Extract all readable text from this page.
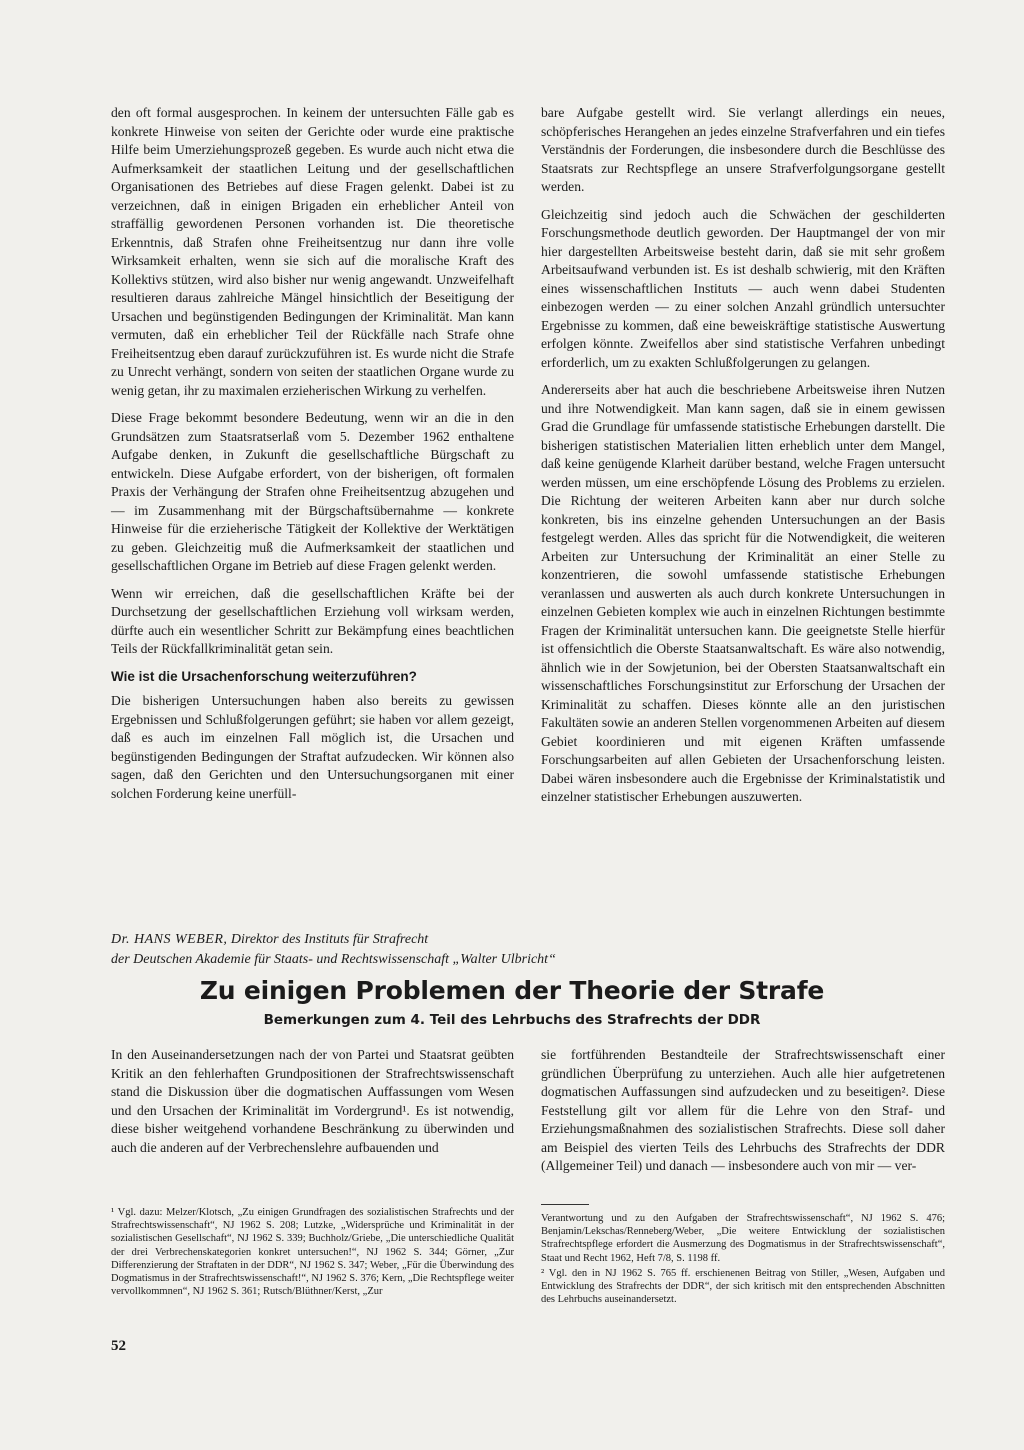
den oft formal ausgesprochen. In keinem der untersuchten Fälle gab es konkrete Hinweise von seiten der Gerichte oder wurde eine praktische Hilfe beim Umerziehungsprozeß gegeben. Es wurde auch nicht etwa die Aufmerksamkeit der staatlichen Leitung und der gesellschaftlichen Organisationen des Betriebes auf diese Fragen gelenkt. Dabei ist zu verzeichnen, daß in einigen Brigaden ein erheblicher Anteil von straffällig gewordenen Personen vorhanden ist. Die theoretische Erkenntnis, daß Strafen ohne Freiheitsentzug nur dann ihre volle Wirksamkeit erhalten, wenn sie sich auf die moralische Kraft des Kollektivs stützen, wird also bisher nur wenig angewandt. Unzweifelhaft resultieren daraus zahlreiche Mängel hinsichtlich der Beseitigung der Ursachen und begünstigenden Bedingungen der Kriminalität. Man kann vermuten, daß ein erheblicher Teil der Rückfälle nach Strafe ohne Freiheitsentzug eben darauf zurückzuführen ist. Es wurde nicht die Strafe zu Unrecht verhängt, sondern von seiten der staatlichen Organe wurde zu wenig getan, ihr zu maximalen erzieherischen Wirkung zu verhelfen.

Diese Frage bekommt besondere Bedeutung, wenn wir an die in den Grundsätzen zum Staatsratserlaß vom 5. Dezember 1962 enthaltene Aufgabe denken, in Zukunft die gesellschaftliche Bürgschaft zu entwickeln. Diese Aufgabe erfordert, von der bisherigen, oft formalen Praxis der Verhängung der Strafen ohne Freiheitsentzug abzugehen und — im Zusammenhang mit der Bürgschaftsübernahme — konkrete Hinweise für die erzieherische Tätigkeit der Kollektive der Werktätigen zu geben. Gleichzeitig muß die Aufmerksamkeit der staatlichen und gesellschaftlichen Organe im Betrieb auf diese Fragen gelenkt werden.

Wenn wir erreichen, daß die gesellschaftlichen Kräfte bei der Durchsetzung der gesellschaftlichen Erziehung voll wirksam werden, dürfte auch ein wesentlicher Schritt zur Bekämpfung eines beachtlichen Teils der Rückfallkriminalität getan sein.

Wie ist die Ursachenforschung weiterzuführen?

Die bisherigen Untersuchungen haben also bereits zu gewissen Ergebnissen und Schlußfolgerungen geführt; sie haben vor allem gezeigt, daß es auch im einzelnen Fall möglich ist, die Ursachen und begünstigenden Bedingungen der Straftat aufzudecken. Wir können also sagen, daß den Gerichten und den Untersuchungsorganen mit einer solchen Forderung keine unerfüll-

bare Aufgabe gestellt wird. Sie verlangt allerdings ein neues, schöpferisches Herangehen an jedes einzelne Strafverfahren und ein tiefes Verständnis der Forderungen, die insbesondere durch die Beschlüsse des Staatsrats zur Rechtspflege an unsere Strafverfolgungsorgane gestellt werden.

Gleichzeitig sind jedoch auch die Schwächen der geschilderten Forschungsmethode deutlich geworden. Der Hauptmangel der von mir hier dargestellten Arbeitsweise besteht darin, daß sie mit sehr großem Arbeitsaufwand verbunden ist. Es ist deshalb schwierig, mit den Kräften eines wissenschaftlichen Instituts — auch wenn dabei Studenten einbezogen werden — zu einer solchen Anzahl gründlich untersuchter Ergebnisse zu kommen, daß eine beweiskräftige statistische Auswertung erfolgen könnte. Zweifellos aber sind statistische Verfahren unbedingt erforderlich, um zu exakten Schlußfolgerungen zu gelangen.

Andererseits aber hat auch die beschriebene Arbeitsweise ihren Nutzen und ihre Notwendigkeit. Man kann sagen, daß sie in einem gewissen Grad die Grundlage für umfassende statistische Erhebungen darstellt. Die bisherigen statistischen Materialien litten erheblich unter dem Mangel, daß keine genügende Klarheit darüber bestand, welche Fragen untersucht werden müssen, um eine erschöpfende Lösung des Problems zu erzielen. Die Richtung der weiteren Arbeiten kann aber nur durch solche konkreten, bis ins einzelne gehenden Untersuchungen an der Basis festgelegt werden. Alles das spricht für die Notwendigkeit, die weiteren Arbeiten zur Untersuchung der Kriminalität an einer Stelle zu konzentrieren, die sowohl umfassende statistische Erhebungen veranlassen und auswerten als auch durch konkrete Untersuchungen in einzelnen Gebieten komplex wie auch in einzelnen Richtungen bestimmte Fragen der Kriminalität untersuchen kann. Die geeignetste Stelle hierfür ist offensichtlich die Oberste Staatsanwaltschaft. Es wäre also notwendig, ähnlich wie in der Sowjetunion, bei der Obersten Staatsanwaltschaft ein wissenschaftliches Forschungsinstitut zur Erforschung der Ursachen der Kriminalität zu schaffen. Dieses könnte alle an den juristischen Fakultäten sowie an anderen Stellen vorgenommenen Arbeiten auf diesem Gebiet koordinieren und mit eigenen Kräften umfassende Forschungsarbeiten auf allen Gebieten der Ursachenforschung leisten. Dabei wären insbesondere auch die Ergebnisse der Kriminalstatistik und einzelner statistischer Erhebungen auszuwerten.

Dr. HANS WEBER, Direktor des Instituts für Strafrecht
der Deutschen Akademie für Staats- und Rechtswissenschaft „Walter Ulbricht“
Zu einigen Problemen der Theorie der Strafe
Bemerkungen zum 4. Teil des Lehrbuchs des Strafrechts der DDR

In den Auseinandersetzungen nach der von Partei und Staatsrat geübten Kritik an den fehlerhaften Grundpositionen der Strafrechtswissenschaft stand die Diskussion über die dogmatischen Auffassungen vom Wesen und den Ursachen der Kriminalität im Vordergrund¹. Es ist notwendig, diese bisher weitgehend vorhandene Beschränkung zu überwinden und auch die anderen auf der Verbrechenslehre aufbauenden und

sie fortführenden Bestandteile der Strafrechtswissenschaft einer gründlichen Überprüfung zu unterziehen. Auch alle hier aufgetretenen dogmatischen Auffassungen sind aufzudecken und zu beseitigen². Diese Feststellung gilt vor allem für die Lehre von den Straf- und Erziehungsmaßnahmen des sozialistischen Strafrechts. Diese soll daher am Beispiel des vierten Teils des Lehrbuchs des Strafrechts der DDR (Allgemeiner Teil) und danach — insbesondere auch von mir — ver-

¹ Vgl. dazu: Melzer/Klotsch, „Zu einigen Grundfragen des sozialistischen Strafrechts und der Strafrechtswissenschaft“, NJ 1962 S. 208; Lutzke, „Widersprüche und Kriminalität in der sozialistischen Gesellschaft“, NJ 1962 S. 339; Buchholz/Griebe, „Die unterschiedliche Qualität der drei Verbrechenskategorien konkret untersuchen!“, NJ 1962 S. 344; Görner, „Zur Differenzierung der Straftaten in der DDR“, NJ 1962 S. 347; Weber, „Für die Überwindung des Dogmatismus in der Strafrechtswissenschaft!“, NJ 1962 S. 376; Kern, „Die Rechtspflege weiter vervollkommnen“, NJ 1962 S. 361; Rutsch/Blüthner/Kerst, „Zur

Verantwortung und zu den Aufgaben der Strafrechtswissenschaft“, NJ 1962 S. 476; Benjamin/Lekschas/Renneberg/Weber, „Die weitere Entwicklung der sozialistischen Strafrechtspflege erfordert die Ausmerzung des Dogmatismus in der Strafrechtswissenschaft“, Staat und Recht 1962, Heft 7/8, S. 1198 ff.

² Vgl. den in NJ 1962 S. 765 ff. erschienenen Beitrag von Stiller, „Wesen, Aufgaben und Entwicklung des Strafrechts der DDR“, der sich kritisch mit den entsprechenden Abschnitten des Lehrbuchs auseinandersetzt.

52
